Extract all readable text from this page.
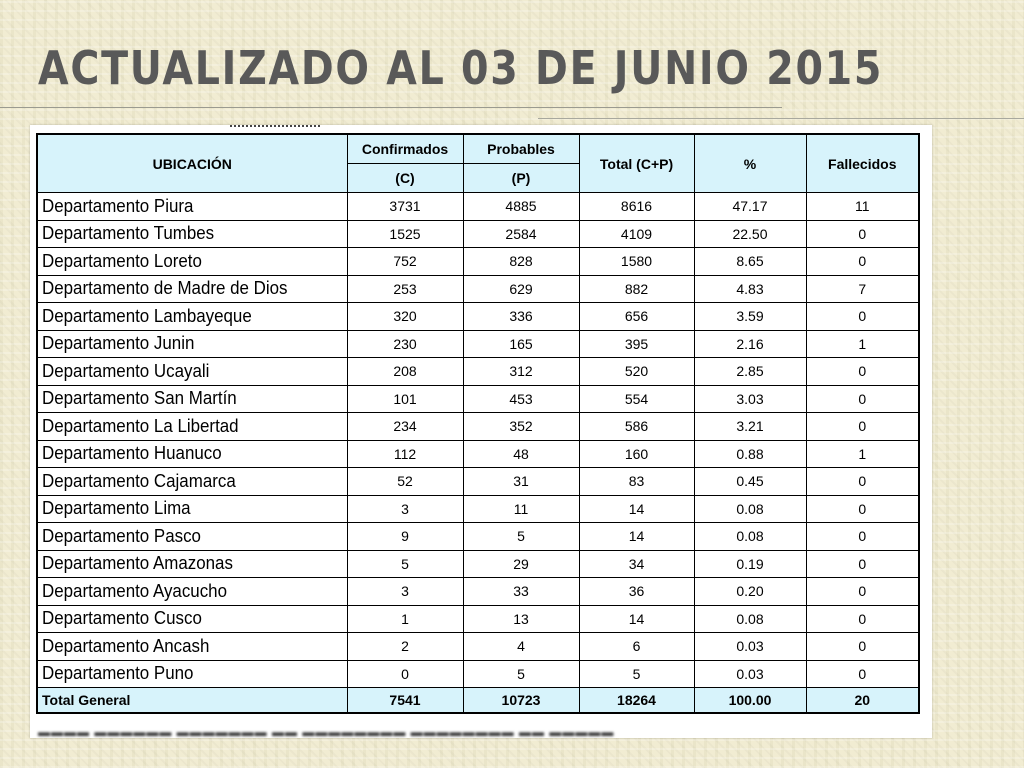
ACTUALIZADO AL 03 DE JUNIO 2015
UBICACIÓN	Confirmados	Probables	Total (C+P)	%	Fallecidos
	(C)	(P)			
Departamento Piura	3731	4885	8616	47.17	11
Departamento Tumbes	1525	2584	4109	22.50	0
Departamento Loreto	752	828	1580	8.65	0
Departamento de Madre de Dios	253	629	882	4.83	7
Departamento Lambayeque	320	336	656	3.59	0
Departamento Junin	230	165	395	2.16	1
Departamento Ucayali	208	312	520	2.85	0
Departamento San Martín	101	453	554	3.03	0
Departamento La Libertad	234	352	586	3.21	0
Departamento Huanuco	112	48	160	0.88	1
Departamento Cajamarca	52	31	83	0.45	0
Departamento Lima	3	11	14	0.08	0
Departamento Pasco	9	5	14	0.08	0
Departamento Amazonas	5	29	34	0.19	0
Departamento Ayacucho	3	33	36	0.20	0
Departamento Cusco	1	13	14	0.08	0
Departamento Ancash	2	4	6	0.03	0
Departamento Puno	0	5	5	0.03	0
Total General	7541	10723	18264	100.00	20
▬▬▬▬ ▬▬▬▬▬▬ ▬▬▬▬▬▬▬ ▬▬ ▬▬▬▬▬▬▬▬ ▬▬▬▬▬▬▬▬ ▬▬ ▬▬▬▬▬
